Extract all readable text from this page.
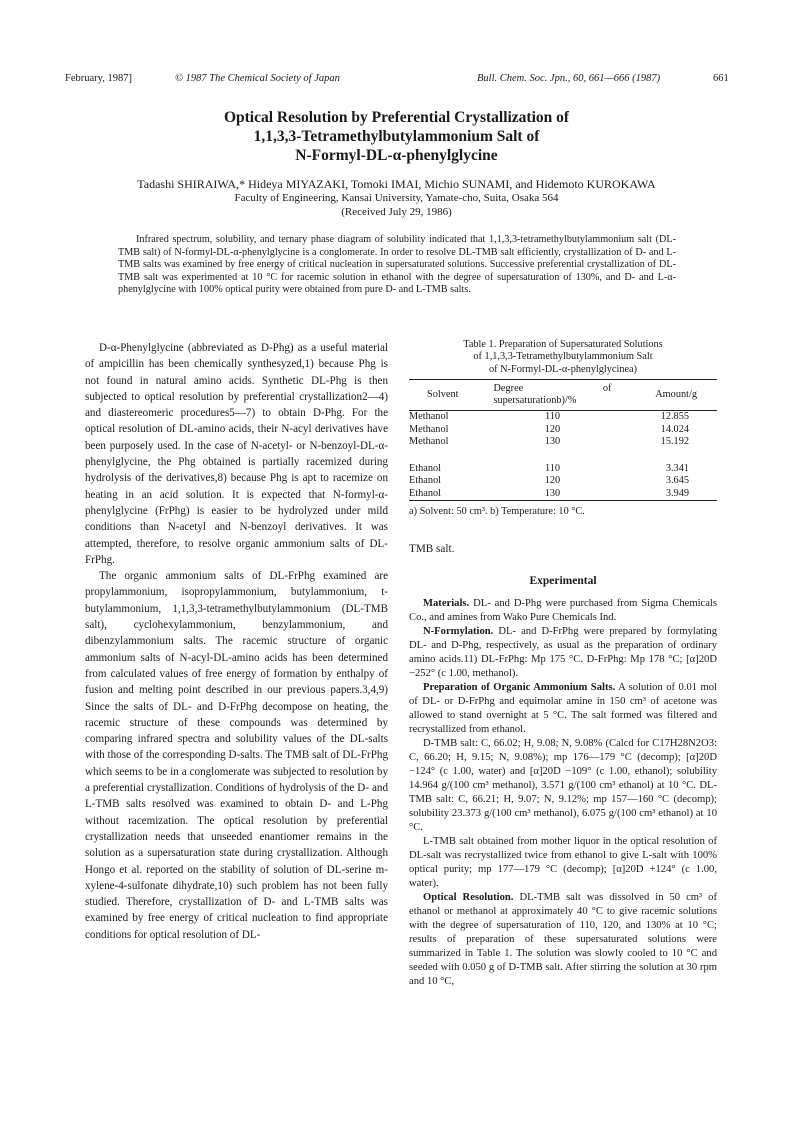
February, 1987]	© 1987 The Chemical Society of Japan	Bull. Chem. Soc. Jpn., 60, 661—666 (1987)	661
Optical Resolution by Preferential Crystallization of
1,1,3,3-Tetramethylbutylammonium Salt of
N-Formyl-DL-α-phenylglycine
Tadashi SHIRAIWA,* Hideya MIYAZAKI, Tomoki IMAI, Michio SUNAMI, and Hidemoto KUROKAWA
Faculty of Engineering, Kansai University, Yamate-cho, Suita, Osaka 564
(Received July 29, 1986)
Infrared spectrum, solubility, and ternary phase diagram of solubility indicated that 1,1,3,3-tetramethylbutylammonium salt (DL-TMB salt) of N-formyl-DL-α-phenylglycine is a conglomerate. In order to resolve DL-TMB salt efficiently, crystallization of D- and L-TMB salts was examined by free energy of critical nucleation in supersaturated solutions. Successive preferential crystallization of DL-TMB salt was experimented at 10 °C for racemic solution in ethanol with the degree of supersaturation of 130%, and D- and L-α-phenylglycine with 100% optical purity were obtained from pure D- and L-TMB salts.

D-α-Phenylglycine (abbreviated as D-Phg) as a useful material of ampicillin has been chemically synthesyzed,1) because Phg is not found in natural amino acids. Synthetic DL-Phg is then subjected to optical resolution by preferential crystallization2—4) and diastereomeric procedures5—7) to obtain D-Phg. For the optical resolution of DL-amino acids, their N-acyl derivatives have been purposely used. In the case of N-acetyl- or N-benzoyl-DL-α-phenylglycine, the Phg obtained is partially racemized during hydrolysis of the derivatives,8) because Phg is apt to racemize on heating in an acid solution. It is expected that N-formyl-α-phenylglycine (FrPhg) is easier to be hydrolyzed under mild conditions than N-acetyl and N-benzoyl derivatives. It was attempted, therefore, to resolve organic ammonium salts of DL-FrPhg.

The organic ammonium salts of DL-FrPhg examined are propylammonium, isopropylammonium, butylammonium, t-butylammonium, 1,1,3,3-tetramethylbutylammonium (DL-TMB salt), cyclohexylammonium, benzylammonium, and dibenzylammonium salts. The racemic structure of organic ammonium salts of N-acyl-DL-amino acids has been determined from calculated values of free energy of formation by enthalpy of fusion and melting point described in our previous papers.3,4,9) Since the salts of DL- and D-FrPhg decompose on heating, the racemic structure of these compounds was determined by comparing infrared spectra and solubility values of the DL-salts with those of the corresponding D-salts. The TMB salt of DL-FrPhg which seems to be in a conglomerate was subjected to resolution by a preferential crystallization. Conditions of hydrolysis of the D- and L-TMB salts resolved was examined to obtain D- and L-Phg without racemization. The optical resolution by preferential crystallization needs that unseeded enantiomer remains in the solution as a supersaturation state during crystallization. Although Hongo et al. reported on the stability of solution of DL-serine m-xylene-4-sulfonate dihydrate,10) such problem has not been fully studied. Therefore, crystallization of D- and L-TMB salts was examined by free energy of critical nucleation to find appropriate conditions for optical resolution of DL-

Table 1. Preparation of Supersaturated Solutions
of 1,1,3,3-Tetramethylbutylammonium Salt
of N-Formyl-DL-α-phenylglycinea)
Solvent	Degree of supersaturationb)/%	Amount/g
Methanol	110	12.855
Methanol	120	14.024
Methanol	130	15.192

Ethanol	110	3.341
Ethanol	120	3.645
Ethanol	130	3.949
a) Solvent: 50 cm³. b) Temperature: 10 °C.
TMB salt.
Experimental

Materials. DL- and D-Phg were purchased from Sigma Chemicals Co., and amines from Wako Pure Chemicals Ind.

N-Formylation. DL- and D-FrPhg were prepared by formylating DL- and D-Phg, respectively, as usual as the preparation of ordinary amino acids.11) DL-FrPhg: Mp 175 °C. D-FrPhg: Mp 178 °C; [α]20D −252° (c 1.00, methanol).

Preparation of Organic Ammonium Salts. A solution of 0.01 mol of DL- or D-FrPhg and equimolar amine in 150 cm³ of acetone was allowed to stand overnight at 5 °C. The salt formed was filtered and recrystallized from ethanol.

D-TMB salt: C, 66.02; H, 9.08; N, 9.08% (Calcd for C17H28N2O3: C, 66.20; H, 9.15; N, 9.08%); mp 176—179 °C (decomp); [α]20D −124° (c 1.00, water) and [α]20D −109° (c 1.00, ethanol); solubility 14.964 g/(100 cm³ methanol), 3.571 g/(100 cm³ ethanol) at 10 °C. DL-TMB salt: C, 66.21; H, 9.07; N, 9.12%; mp 157—160 °C (decomp); solubility 23.373 g/(100 cm³ methanol), 6.075 g/(100 cm³ ethanol) at 10 °C.

L-TMB salt obtained from mother liquor in the optical resolution of DL-salt was recrystallized twice from ethanol to give L-salt with 100% optical purity; mp 177—179 °C (decomp); [α]20D +124° (c 1.00, water).

Optical Resolution. DL-TMB salt was dissolved in 50 cm³ of ethanol or methanol at approximately 40 °C to give racemic solutions with the degree of supersaturation of 110, 120, and 130% at 10 °C; results of preparation of these supersaturated solutions were summarized in Table 1. The solution was slowly cooled to 10 °C and seeded with 0.050 g of D-TMB salt. After stirring the solution at 30 rpm and 10 °C,
